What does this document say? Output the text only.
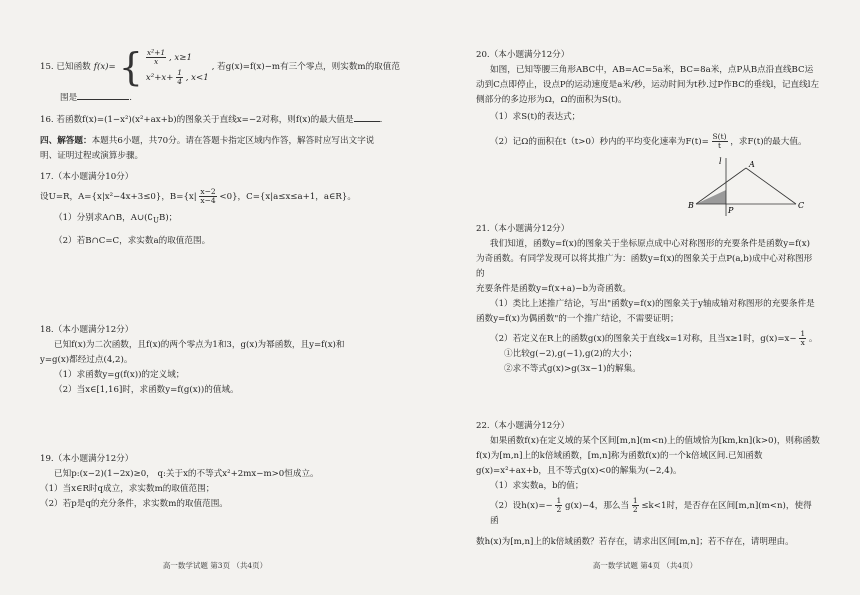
15. 已知函数 f(x)= { $\frac{\text{x²+1}}{x}$ , x≥1
$x^2+x+ \frac{1}{4}$ , x<1
, 若g(x)=f(x)−m有三个零点，则实数m的取值范
围是	.
16. 若函数f(x)=(1−x²)(x²+ax+b)的图象关于直线x=−2对称，则f(x)的最大值是	.
四、解答题：本题共6小题，共70分。请在答题卡指定区域内作答，解答时应写出文字说
明、证明过程或演算步骤。
17.（本小题满分10分）
设U=R，A={x|x²−4x+3≤0}，$B=\{x| \frac{x-2}{x-4} <0\}$，C={x|a≤x≤a+1，a∈R}。
（1）分别求A∩B，$A\cup(∁_UB)$；
（2）若B∩C=C，求实数a的取值范围。
18.（本小题满分12分）
已知f(x)为二次函数，且f(x)的两个零点为1和3，g(x)为幂函数，且y=f(x)和
y=g(x)都经过点(4,2)。
（1）求函数y=g(f(x))的定义域；
（2）当x∈[1,16]时，求函数y=f(g(x))的值域。
19.（本小题满分12分）
已知p:(x−2)(1−2x)≥0， q:关于x的不等式x²+2mx−m>0恒成立。
（1）当x∈R时q成立，求实数m的取值范围；
（2）若p是q的充分条件，求实数m的取值范围。
高一数学试题 第3页 （共4页）
20.（本小题满分12分）
如图，已知等腰三角形ABC中，AB=AC=5a米，BC=8a米，点P从B点沿直线BC运
动到C点即停止，设点P的运动速度是a米/秒，运动时间为t秒.过P作BC的垂线l，记直线l左
侧部分的多边形为Ω，Ω的面积为S(t)。
（1）求S(t)的表达式；
（2）记Ω的面积在t（t>0）秒内的平均变化速率为$F(t)= \frac{S(t)}{t}$ ，求F(t)的最大值。
A
B	C
P
l
21.（本小题满分12分）
我们知道，函数y=f(x)的图象关于坐标原点成中心对称图形的充要条件是函数y=f(x)
为奇函数。有同学发现可以将其推广为：函数y=f(x)的图象关于点P(a,b)成中心对称图形的
充要条件是函数y=f(x+a)−b为奇函数。
（1）类比上述推广结论，写出"函数y=f(x)的图象关于y轴成轴对称图形的充要条件是
函数y=f(x)为偶函数"的一个推广结论，不需要证明；
（2）若定义在R上的函数g(x)的图象关于直线x=1对称，且当x≥1时，$g(x)=x- \frac{1}{x}$ 。
①比较g(−2),g(−1),g(2)的大小；
②求不等式g(x)>g(3x−1)的解集。
22.（本小题满分12分）
如果函数f(x)在定义域的某个区间[m,n](m<n)上的值域恰为[km,kn](k>0)，则称函数
f(x)为[m,n]上的k倍域函数，[m,n]称为函数f(x)的一个k倍域区间.已知函数
g(x)=x²+ax+b，且不等式g(x)<0的解集为(−2,4)。
（1）求实数a，b的值；
（2）设$h(x)=- \frac{1}{2} g(x)-4$，那么当 $\frac{1}{2} \le k<1$时，是否存在区间[m,n](m<n)，使得函
数h(x)为[m,n]上的k倍域函数？若存在，请求出区间[m,n]；若不存在，请明理由。
高一数学试题 第4页 （共4页）
